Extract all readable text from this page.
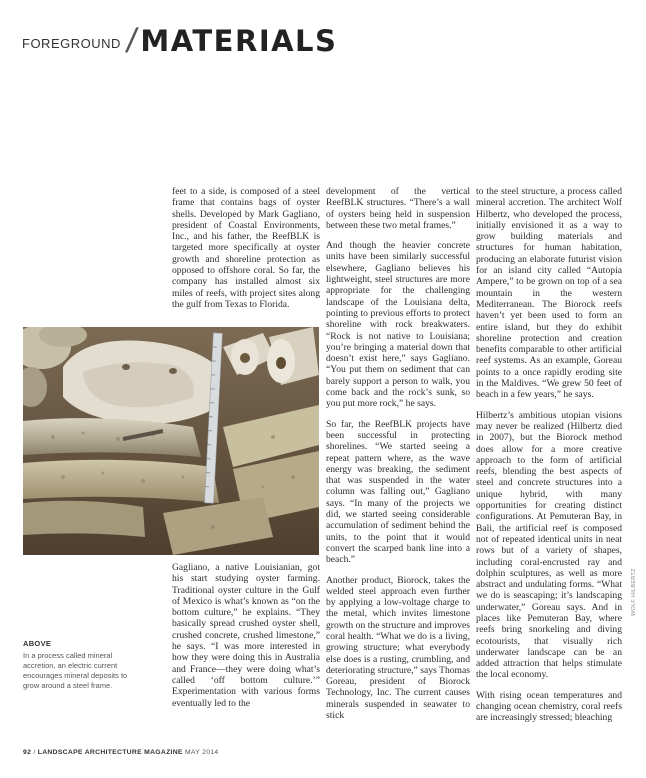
FOREGROUND / MATERIALS

feet to a side, is composed of a steel frame that contains bags of oyster shells. Developed by Mark Gagliano, president of Coastal Environments, Inc., and his father, the ReefBLK is targeted more specifically at oyster growth and shoreline protection as opposed to offshore coral. So far, the company has installed almost six miles of reefs, with project sites along the gulf from Texas to Florida.

Gagliano, a native Louisianian, got his start studying oyster farming. Traditional oyster culture in the Gulf of Mexico is what’s known as “on the bottom culture,” he explains. “They basically spread crushed oyster shell, crushed concrete, crushed limestone,” he says. “I was more interested in how they were doing this in Australia and France—they were doing what’s called ‘off bottom culture.’” Experimentation with various forms eventually led to the

development of the vertical ReefBLK structures. “There’s a wall of oysters being held in suspension between these two metal frames.”

And though the heavier concrete units have been similarly successful elsewhere, Gagliano believes his lightweight, steel structures are more appropriate for the challenging landscape of the Louisiana delta, pointing to previous efforts to protect shoreline with rock breakwaters. “Rock is not native to Louisiana; you’re bringing a material down that doesn’t exist here,” says Gagliano. “You put them on sediment that can barely support a person to walk, you come back and the rock’s sunk, so you put more rock,” he says.

So far, the ReefBLK projects have been successful in protecting shorelines. “We started seeing a repeat pattern where, as the wave energy was breaking, the sediment that was suspended in the water column was falling out,” Gagliano says. “In many of the projects we did, we started seeing considerable accumulation of sediment behind the units, to the point that it would convert the scarped bank line into a beach.”

Another product, Biorock, takes the welded steel approach even further by applying a low-voltage charge to the metal, which invites limestone growth on the structure and improves coral health. “What we do is a living, growing structure; what everybody else does is a rusting, crumbling, and deteriorating structure,” says Thomas Goreau, president of Biorock Technology, Inc. The current causes minerals suspended in seawater to stick

to the steel structure, a process called mineral accretion. The architect Wolf Hilbertz, who developed the process, initially envisioned it as a way to grow building materials and structures for human habitation, producing an elaborate futurist vision for an island city called “Autopia Ampere,” to be grown on top of a sea mountain in the western Mediterranean. The Biorock reefs haven’t yet been used to form an entire island, but they do exhibit shoreline protection and creation benefits comparable to other artificial reef systems. As an example, Goreau points to a once rapidly eroding site in the Maldives. “We grew 50 feet of beach in a few years,” he says.

Hilbertz’s ambitious utopian visions may never be realized (Hilbertz died in 2007), but the Biorock method does allow for a more creative approach to the form of artificial reefs, blending the best aspects of steel and concrete structures into a unique hybrid, with many opportunities for creating distinct configurations. At Pemuteran Bay, in Bali, the artificial reef is composed not of repeated identical units in neat rows but of a variety of shapes, including coral-encrusted ray and dolphin sculptures, as well as more abstract and undulating forms. “What we do is seascaping; it’s landscaping underwater,” Goreau says. And in places like Pemuteran Bay, where reefs bring snorkeling and diving ecotourists, that visually rich underwater landscape can be an added attraction that helps stimulate the local economy.

With rising ocean temperatures and changing ocean chemistry, coral reefs are increasingly stressed; bleaching

ABOVE
In a process called mineral accretion, an electric current encourages mineral deposits to grow around a steel frame.
WOLF HILBERTZ
92 / LANDSCAPE ARCHITECTURE MAGAZINE MAY 2014
